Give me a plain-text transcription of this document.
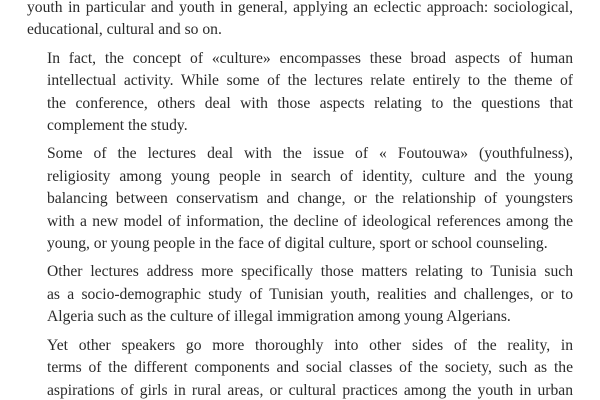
youth in particular and youth in general, applying an eclectic approach: sociological,
educational, cultural and so on.

In fact, the concept of «culture» encompasses these broad aspects of human
intellectual activity. While some of the lectures relate entirely to the theme of
the conference, others deal with those aspects relating to the questions that
complement the study.

Some of the lectures deal with the issue of « Foutouwa» (youthfulness),
religiosity among young people in search of identity, culture and the young
balancing between conservatism and change, or the relationship of youngsters
with a new model of information, the decline of ideological references among the
young, or young people in the face of digital culture, sport or school counseling.

Other lectures address more specifically those matters relating to Tunisia such
as a socio-demographic study of Tunisian youth, realities and challenges, or to
Algeria such as the culture of illegal immigration among young Algerians.

Yet other speakers go more thoroughly into other sides of the reality, in
terms of the different components and social classes of the society, such as the
aspirations of girls in rural areas, or cultural practices among the youth in urban
